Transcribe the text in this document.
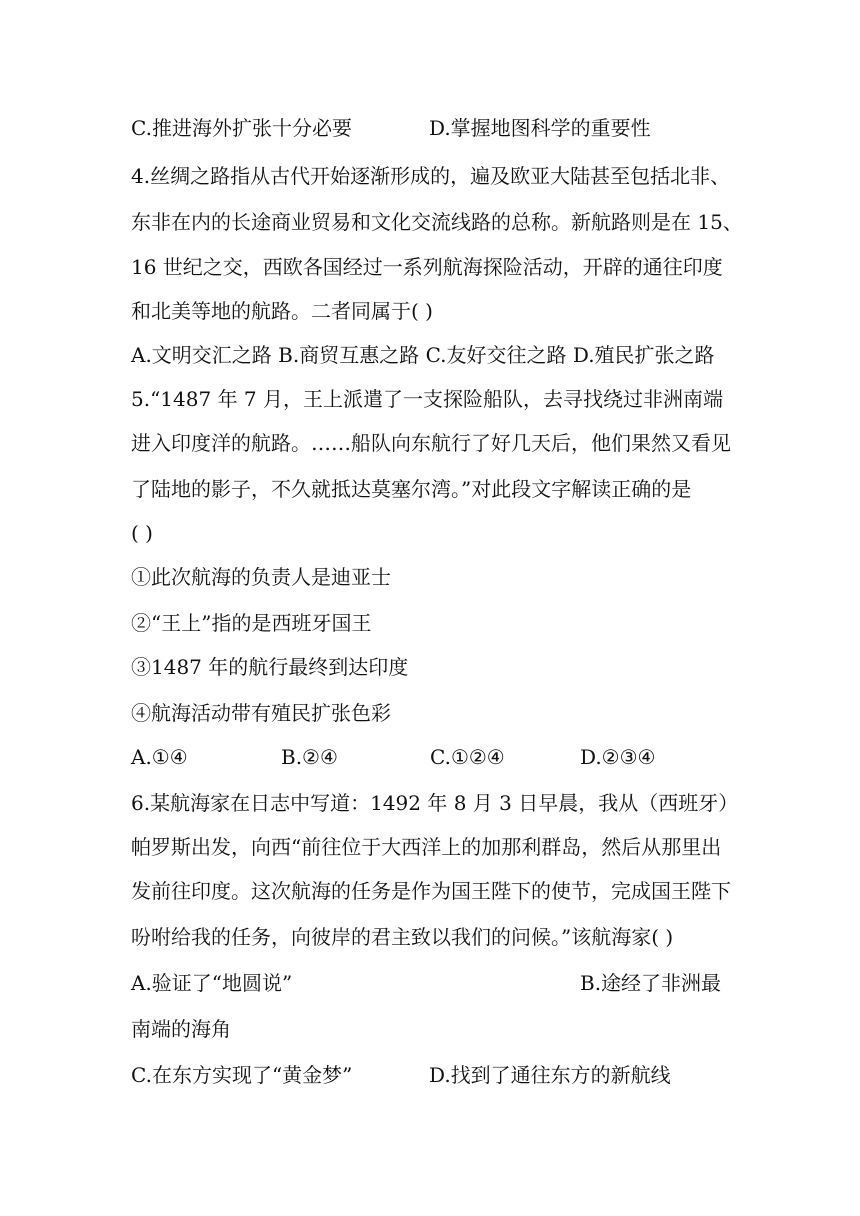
C.推进海外扩张十分必要	D.掌握地图科学的重要性
4.丝绸之路指从古代开始逐渐形成的，遍及欧亚大陆甚至包括北非、
东非在内的长途商业贸易和文化交流线路的总称。新航路则是在 15、
16 世纪之交，西欧各国经过一系列航海探险活动，开辟的通往印度
和北美等地的航路。二者同属于( )
A.文明交汇之路 B.商贸互惠之路 C.友好交往之路 D.殖民扩张之路
5.“1487 年 7 月，王上派遣了一支探险船队，去寻找绕过非洲南端
进入印度洋的航路。……船队向东航行了好几天后，他们果然又看见
了陆地的影子，不久就抵达莫塞尔湾。”对此段文字解读正确的是
( )
①此次航海的负责人是迪亚士
②“王上”指的是西班牙国王
③1487 年的航行最终到达印度
④航海活动带有殖民扩张色彩
A.①④	B.②④	C.①②④	D.②③④
6.某航海家在日志中写道：1492 年 8 月 3 日早晨，我从（西班牙）
帕罗斯出发，向西“前往位于大西洋上的加那利群岛，然后从那里出
发前往印度。这次航海的任务是作为国王陛下的使节，完成国王陛下
吩咐给我的任务，向彼岸的君主致以我们的问候。”该航海家( )
A.验证了“地圆说”	B.途经了非洲最
南端的海角
C.在东方实现了“黄金梦”	D.找到了通往东方的新航线
